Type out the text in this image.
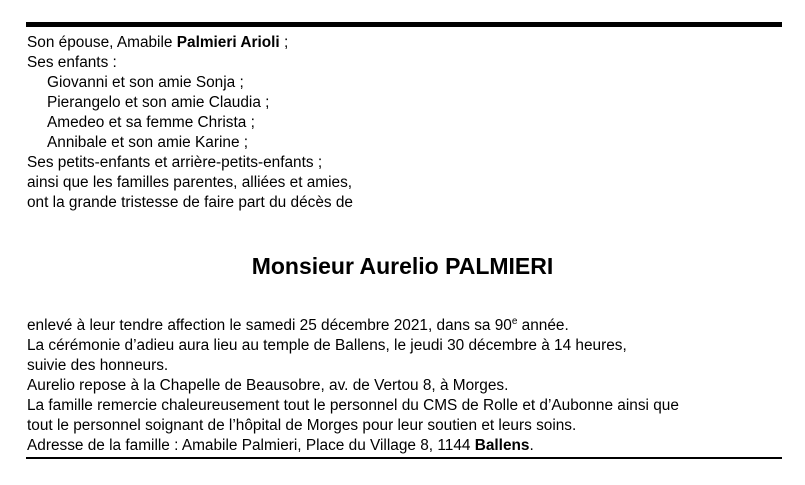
Son épouse, Amabile Palmieri Arioli ;
Ses enfants :
Giovanni et son amie Sonja ;
Pierangelo et son amie Claudia ;
Amedeo et sa femme Christa ;
Annibale et son amie Karine ;
Ses petits-enfants et arrière-petits-enfants ;
ainsi que les familles parentes, alliées et amies,
ont la grande tristesse de faire part du décès de
Monsieur Aurelio PALMIERI
enlevé à leur tendre affection le samedi 25 décembre 2021, dans sa 90e année.
La cérémonie d’adieu aura lieu au temple de Ballens, le jeudi 30 décembre à 14 heures,
suivie des honneurs.
Aurelio repose à la Chapelle de Beausobre, av. de Vertou 8, à Morges.
La famille remercie chaleureusement tout le personnel du CMS de Rolle et d’Aubonne ainsi que
tout le personnel soignant de l’hôpital de Morges pour leur soutien et leurs soins.
Adresse de la famille : Amabile Palmieri, Place du Village 8, 1144 Ballens.
